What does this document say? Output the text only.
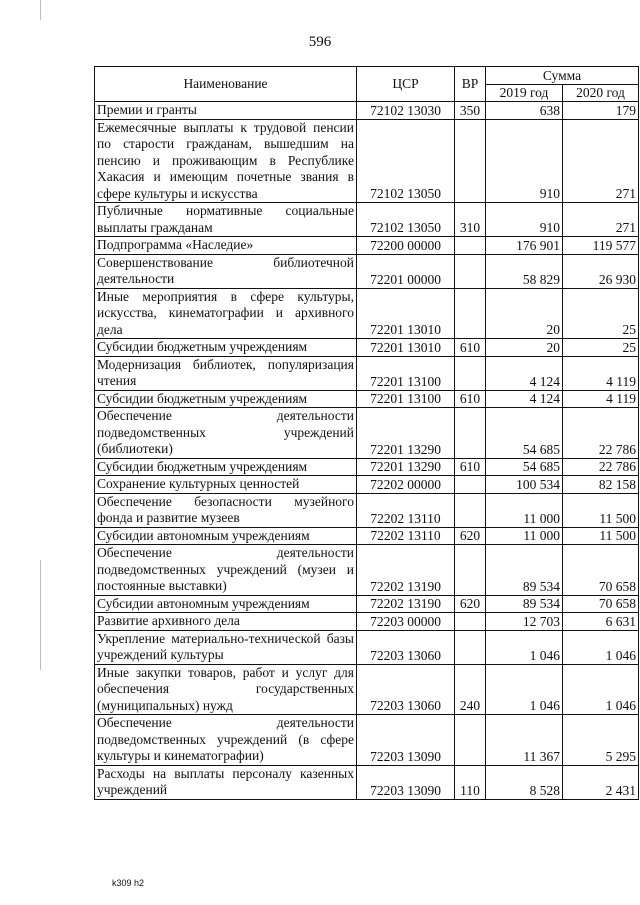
596
Наименование	ЦСР	ВР	Сумма	
			2019 год	2020 год
Премии и гранты	72102 13030	350	638	179
Ежемесячные выплаты к трудовой пенсии по старости гражданам, вышедшим на пенсию и проживающим в Республике Хакасия и имеющим почетные звания в сфере культуры и искусства	72102 13050		910	271
Публичные нормативные социальные выплаты гражданам	72102 13050	310	910	271
Подпрограмма «Наследие»	72200 00000		176 901	119 577
Совершенствование библиотечной деятельности	72201 00000		58 829	26 930
Иные мероприятия в сфере культуры, искусства, кинематографии и архивного дела	72201 13010		20	25
Субсидии бюджетным учреждениям	72201 13010	610	20	25
Модернизация библиотек, популяризация чтения	72201 13100		4 124	4 119
Субсидии бюджетным учреждениям	72201 13100	610	4 124	4 119
Обеспечение деятельности подведомственных учреждений (библиотеки)	72201 13290		54 685	22 786
Субсидии бюджетным учреждениям	72201 13290	610	54 685	22 786
Сохранение культурных ценностей	72202 00000		100 534	82 158
Обеспечение безопасности музейного фонда и развитие музеев	72202 13110		11 000	11 500
Субсидии автономным учреждениям	72202 13110	620	11 000	11 500
Обеспечение деятельности подведомственных учреждений (музеи и постоянные выставки)	72202 13190		89 534	70 658
Субсидии автономным учреждениям	72202 13190	620	89 534	70 658
Развитие архивного дела	72203 00000		12 703	6 631
Укрепление материально-технической базы учреждений культуры	72203 13060		1 046	1 046
Иные закупки товаров, работ и услуг для обеспечения государственных (муниципальных) нужд	72203 13060	240	1 046	1 046
Обеспечение деятельности подведомственных учреждений (в сфере культуры и кинематографии)	72203 13090		11 367	5 295
Расходы на выплаты персоналу казенных учреждений	72203 13090	110	8 528	2 431
k309 h2
